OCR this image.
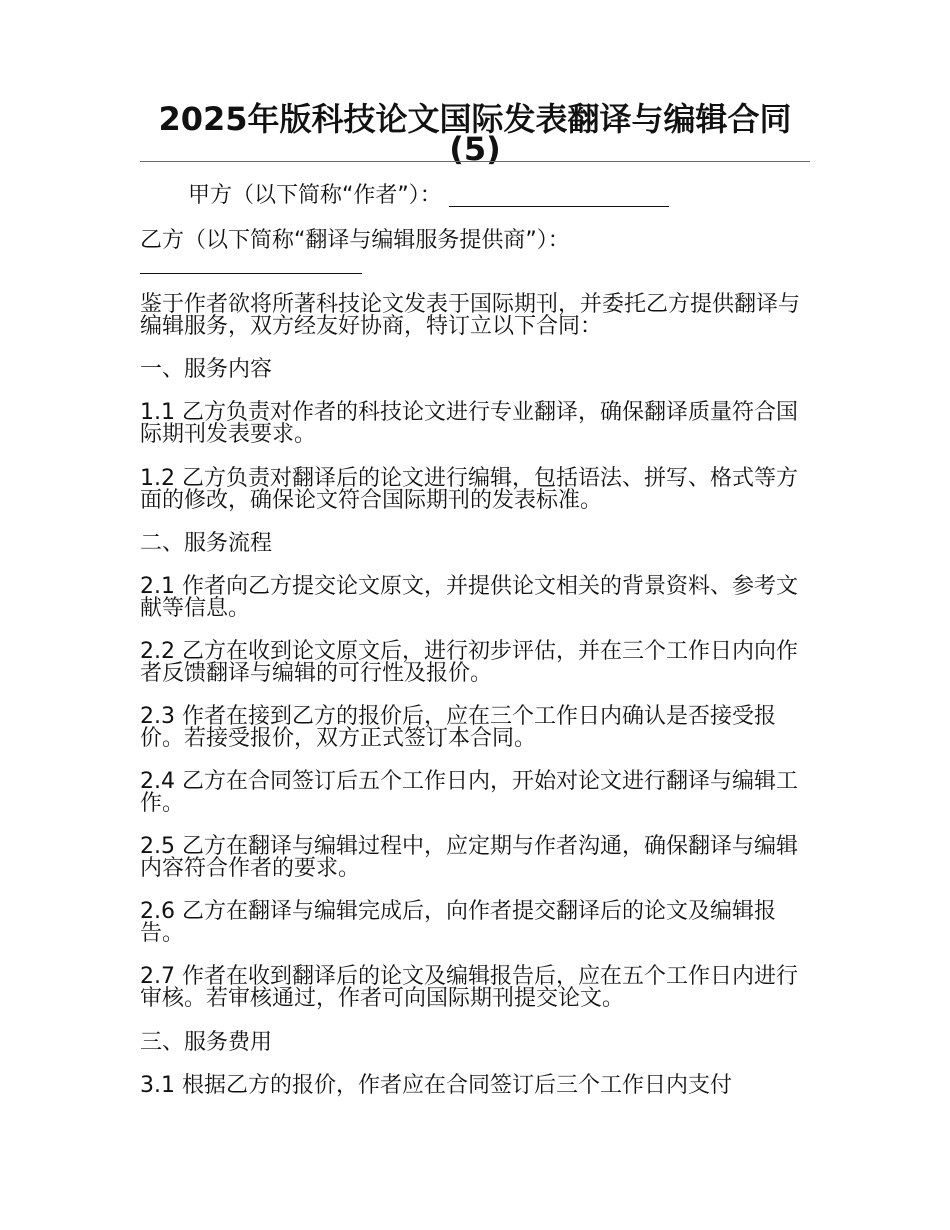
2025年版科技论文国际发表翻译与编辑合同(5)
甲方（以下简称“作者”）：
乙方（以下简称“翻译与编辑服务提供商”）：
鉴于作者欲将所著科技论文发表于国际期刊，并委托乙方提供翻译与编辑服务，双方经友好协商，特订立以下合同：
一、服务内容
1.1 乙方负责对作者的科技论文进行专业翻译，确保翻译质量符合国际期刊发表要求。
1.2 乙方负责对翻译后的论文进行编辑，包括语法、拼写、格式等方面的修改，确保论文符合国际期刊的发表标准。
二、服务流程
2.1 作者向乙方提交论文原文，并提供论文相关的背景资料、参考文献等信息。
2.2 乙方在收到论文原文后，进行初步评估，并在三个工作日内向作者反馈翻译与编辑的可行性及报价。
2.3 作者在接到乙方的报价后，应在三个工作日内确认是否接受报价。若接受报价，双方正式签订本合同。
2.4 乙方在合同签订后五个工作日内，开始对论文进行翻译与编辑工作。
2.5 乙方在翻译与编辑过程中，应定期与作者沟通，确保翻译与编辑内容符合作者的要求。
2.6 乙方在翻译与编辑完成后，向作者提交翻译后的论文及编辑报告。
2.7 作者在收到翻译后的论文及编辑报告后，应在五个工作日内进行审核。若审核通过，作者可向国际期刊提交论文。
三、服务费用
3.1 根据乙方的报价，作者应在合同签订后三个工作日内支付
